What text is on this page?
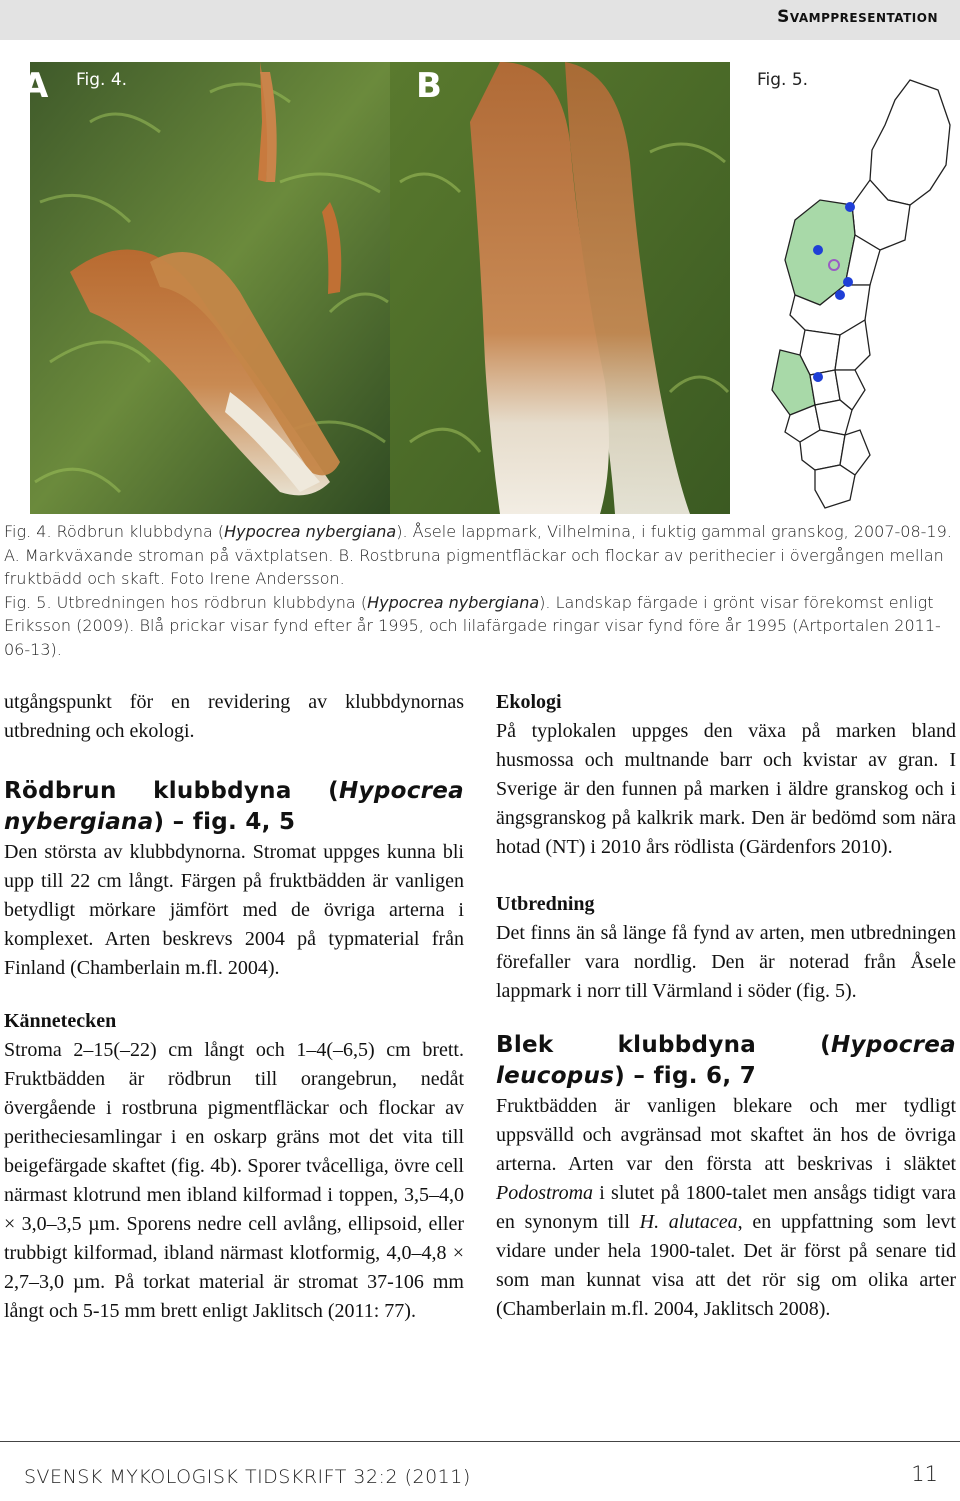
Svamppresentation
A Fig. 4.	B	Fig. 5.

Fig. 4. Rödbrun klubbdyna (Hypocrea nybergiana). Åsele lappmark, Vilhelmina, i fuktig gammal granskog, 2007-08-19. A. Markväxande stroman på växtplatsen. B. Rostbruna pigmentfläckar och flockar av perithecier i övergången mellan fruktbädd och skaft. Foto Irene Andersson.

Fig. 5. Utbredningen hos rödbrun klubbdyna (Hypocrea nybergiana). Landskap färgade i grönt visar förekomst enligt Eriksson (2009). Blå prickar visar fynd efter år 1995, och lilafärgade ringar visar fynd före år 1995 (Artportalen 2011-06-13).

utgångspunkt för en revidering av klubbdynornas utbredning och ekologi.

Rödbrun klubbdyna (Hypocrea nybergiana) – fig. 4, 5

Den största av klubbdynorna. Stromat uppges kunna bli upp till 22 cm långt. Färgen på fruktbädden är vanligen betydligt mörkare jämfört med de övriga arterna i komplexet. Arten beskrevs 2004 på typmaterial från Finland (Chamberlain m.fl. 2004).

Kännetecken

Stroma 2–15(–22) cm långt och 1–4(–6,5) cm brett. Fruktbädden är rödbrun till orangebrun, nedåt övergående i rostbruna pigmentfläckar och flockar av peritheciesamlingar i en oskarp gräns mot det vita till beigefärgade skaftet (fig. 4b). Sporer tvåcelliga, övre cell närmast klotrund men ibland kilformad i toppen, 3,5–4,0 × 3,0–3,5 µm. Sporens nedre cell avlång, ellipsoid, eller trubbigt kilformad, ibland närmast klotformig, 4,0–4,8 × 2,7–3,0 µm. På torkat material är stromat 37-106 mm långt och 5-15 mm brett enligt Jaklitsch (2011: 77).

Ekologi

På typlokalen uppges den växa på marken bland husmossa och multnande barr och kvistar av gran. I Sverige är den funnen på marken i äldre granskog och i ängsgranskog på kalkrik mark. Den är bedömd som nära hotad (NT) i 2010 års rödlista (Gärdenfors 2010).

Utbredning

Det finns än så länge få fynd av arten, men utbredningen förefaller vara nordlig. Den är noterad från Åsele lappmark i norr till Värmland i söder (fig. 5).

Blek klubbdyna (Hypocrea leucopus) – fig. 6, 7

Fruktbädden är vanligen blekare och mer tydligt uppsvälld och avgränsad mot skaftet än hos de övriga arterna. Arten var den första att beskrivas i släktet Podostroma i slutet på 1800-talet men ansågs tidigt vara en synonym till H. alutacea, en uppfattning som levt vidare under hela 1900-talet. Det är först på senare tid som man kunnat visa att det rör sig om olika arter (Chamberlain m.fl. 2004, Jaklitsch 2008).

SVENSK MYKOLOGISK TIDSKRIFT 32:2 (2011)	11
